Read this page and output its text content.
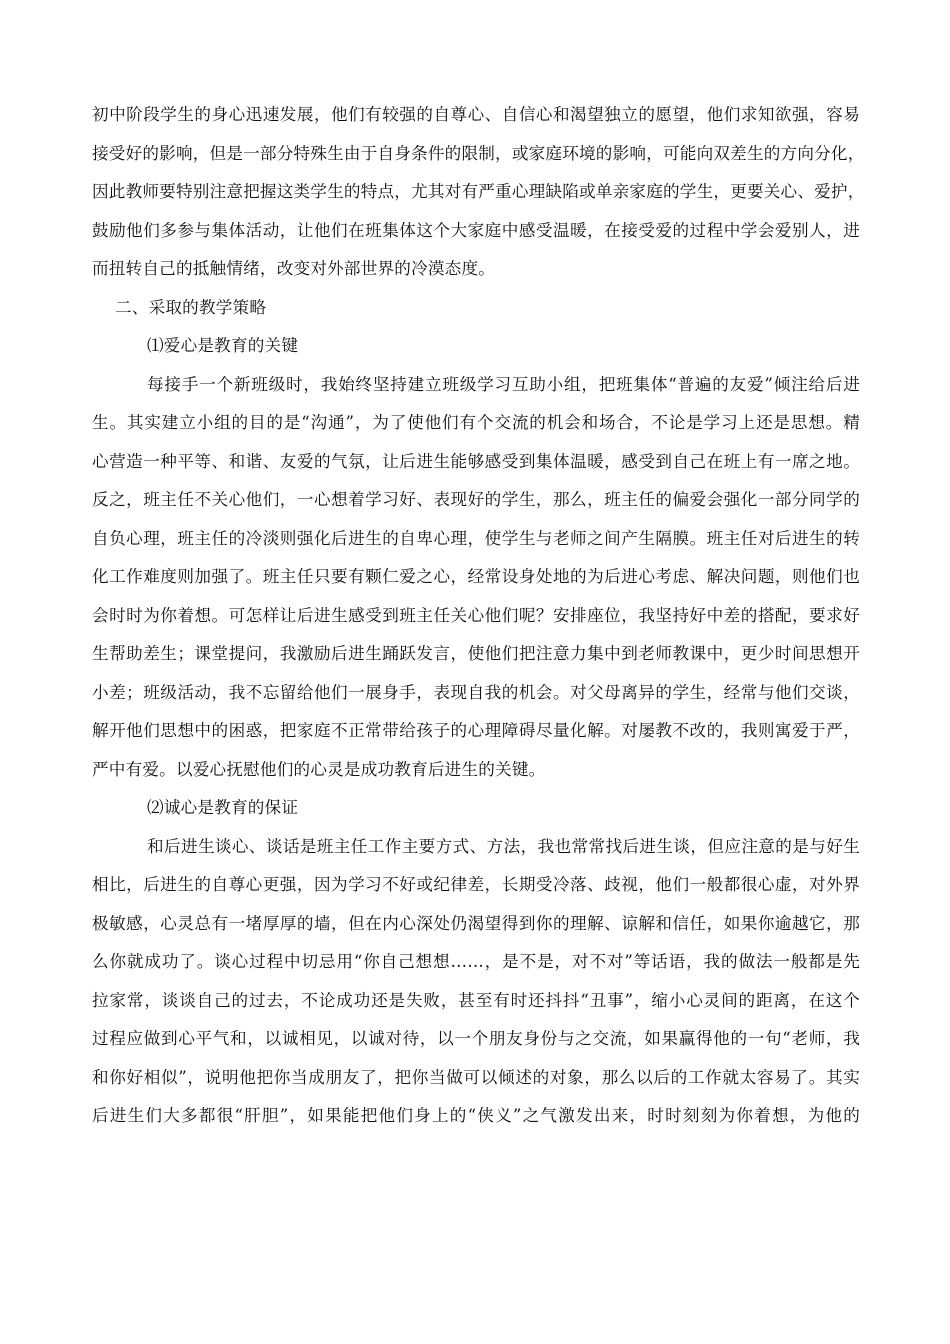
初中阶段学生的身心迅速发展，他们有较强的自尊心、自信心和渴望独立的愿望，他们求知欲强，容易
接受好的影响，但是一部分特殊生由于自身条件的限制，或家庭环境的影响，可能向双差生的方向分化，
因此教师要特别注意把握这类学生的特点，尤其对有严重心理缺陷或单亲家庭的学生，更要关心、爱护，
鼓励他们多参与集体活动，让他们在班集体这个大家庭中感受温暖，在接受爱的过程中学会爱别人，进
而扭转自己的抵触情绪，改变对外部世界的冷漠态度。
二、采取的教学策略
⑴爱心是教育的关键
每接手一个新班级时，我始终坚持建立班级学习互助小组，把班集体“普遍的友爱”倾注给后进
生。其实建立小组的目的是“沟通”，为了使他们有个交流的机会和场合，不论是学习上还是思想。精
心营造一种平等、和谐、友爱的气氛，让后进生能够感受到集体温暖，感受到自己在班上有一席之地。
反之，班主任不关心他们，一心想着学习好、表现好的学生，那么，班主任的偏爱会强化一部分同学的
自负心理，班主任的冷淡则强化后进生的自卑心理，使学生与老师之间产生隔膜。班主任对后进生的转
化工作难度则加强了。班主任只要有颗仁爱之心，经常设身处地的为后进心考虑、解决问题，则他们也
会时时为你着想。可怎样让后进生感受到班主任关心他们呢？安排座位，我坚持好中差的搭配，要求好
生帮助差生；课堂提问，我激励后进生踊跃发言，使他们把注意力集中到老师教课中，更少时间思想开
小差；班级活动，我不忘留给他们一展身手，表现自我的机会。对父母离异的学生，经常与他们交谈，
解开他们思想中的困惑，把家庭不正常带给孩子的心理障碍尽量化解。对屡教不改的，我则寓爱于严，
严中有爱。以爱心抚慰他们的心灵是成功教育后进生的关键。
⑵诚心是教育的保证
和后进生谈心、谈话是班主任工作主要方式、方法，我也常常找后进生谈，但应注意的是与好生
相比，后进生的自尊心更强，因为学习不好或纪律差，长期受冷落、歧视，他们一般都很心虚，对外界
极敏感，心灵总有一堵厚厚的墙，但在内心深处仍渴望得到你的理解、谅解和信任，如果你逾越它，那
么你就成功了。谈心过程中切忌用“你自己想想……，是不是，对不对”等话语，我的做法一般都是先
拉家常，谈谈自己的过去，不论成功还是失败，甚至有时还抖抖“丑事”，缩小心灵间的距离，在这个
过程应做到心平气和，以诚相见，以诚对待，以一个朋友身份与之交流，如果赢得他的一句“老师，我
和你好相似”，说明他把你当成朋友了，把你当做可以倾述的对象，那么以后的工作就太容易了。其实
后进生们大多都很“肝胆”，如果能把他们身上的“侠义”之气激发出来，时时刻刻为你着想，为他的
